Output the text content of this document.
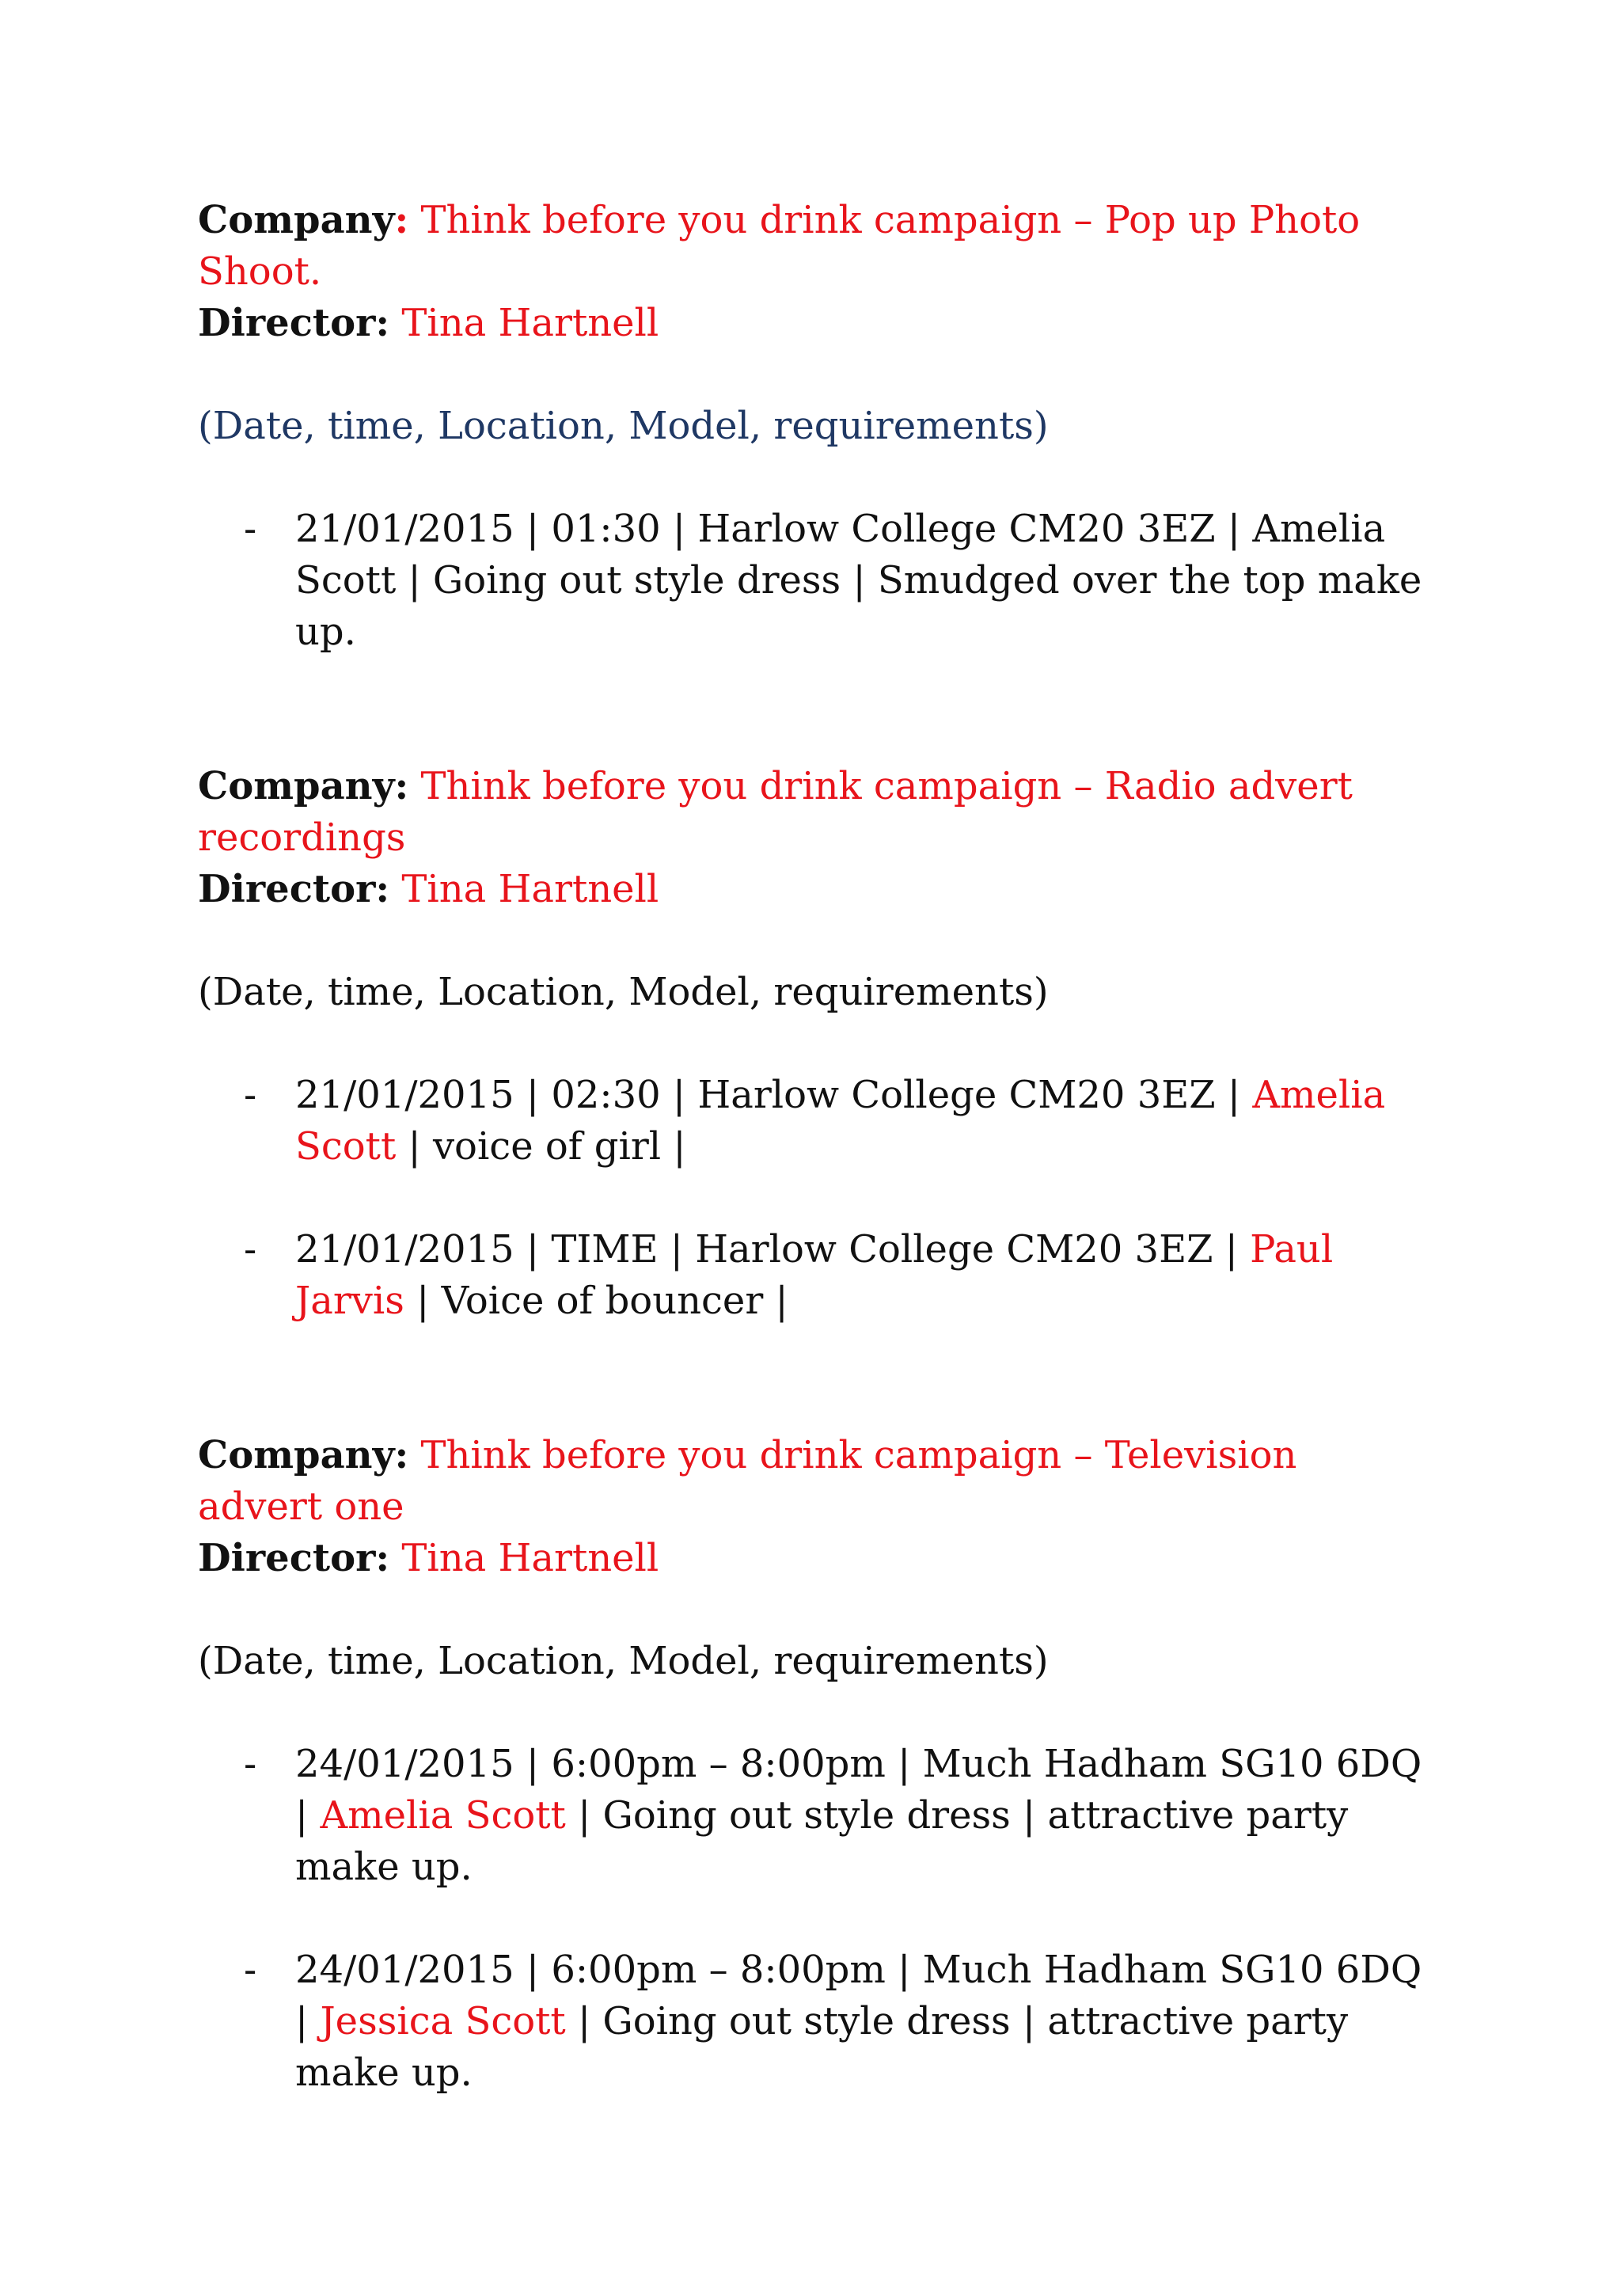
Company: Think before you drink campaign – Pop up Photo Shoot.

Director: Tina Hartnell

(Date, time, Location, Model, requirements)

- 21/01/2015 | 01:30 | Harlow College CM20 3EZ | Amelia Scott | Going out style dress | Smudged over the top make up.

Company: Think before you drink campaign – Radio advert recordings

Director: Tina Hartnell

(Date, time, Location, Model, requirements)

- 21/01/2015 | 02:30 | Harlow College CM20 3EZ | Amelia Scott | voice of girl |
- 21/01/2015 | TIME | Harlow College CM20 3EZ | Paul Jarvis | Voice of bouncer |

Company: Think before you drink campaign – Television advert one

Director: Tina Hartnell

(Date, time, Location, Model, requirements)

- 24/01/2015 | 6:00pm – 8:00pm | Much Hadham SG10 6DQ | Amelia Scott | Going out style dress | attractive party make up.
- 24/01/2015 | 6:00pm – 8:00pm | Much Hadham SG10 6DQ | Jessica Scott | Going out style dress | attractive party make up.
